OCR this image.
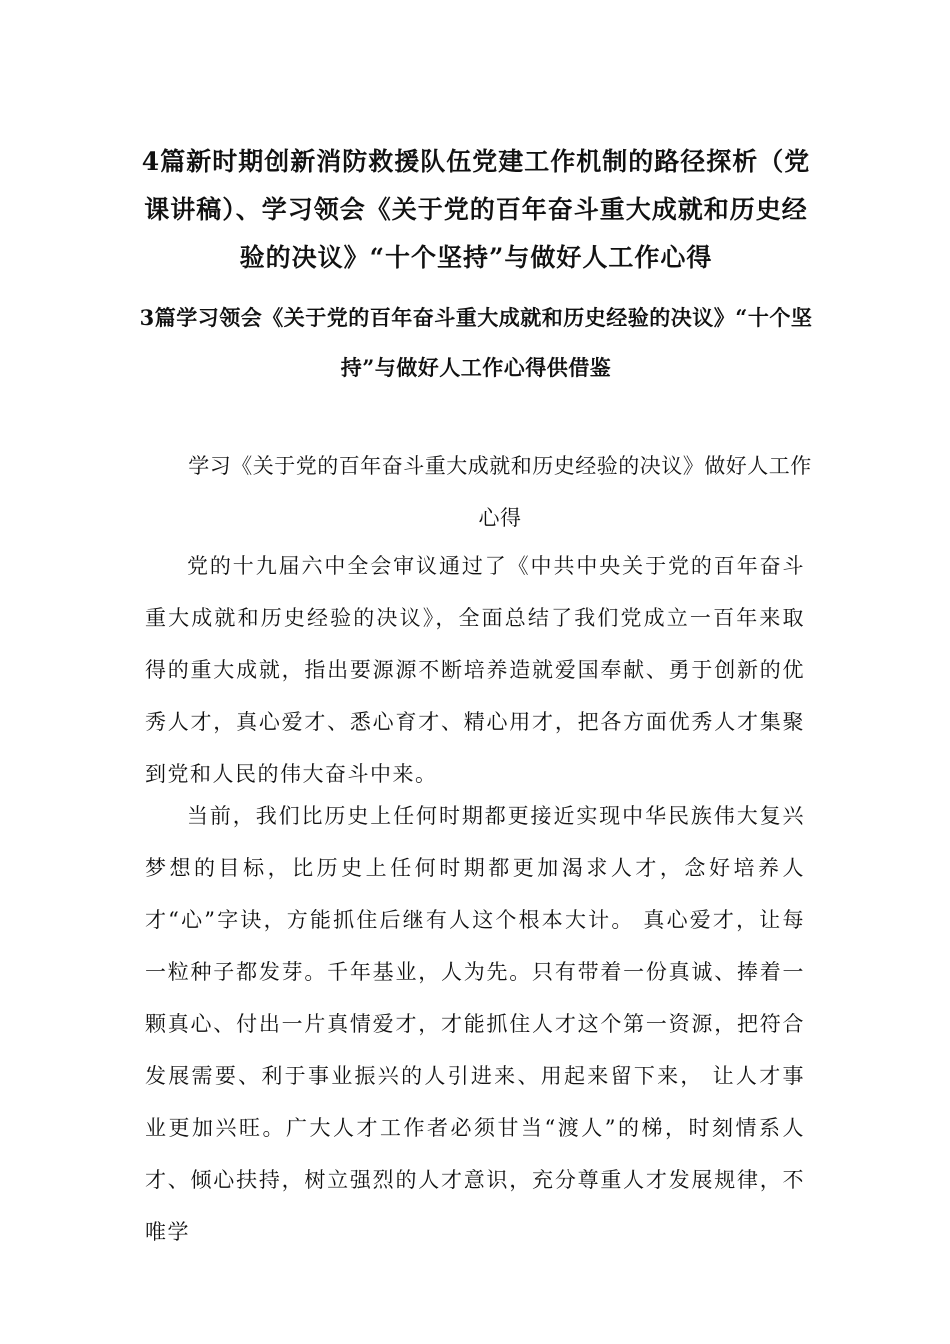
4篇新时期创新消防救援队伍党建工作机制的路径探析（党课讲稿）、学习领会《关于党的百年奋斗重大成就和历史经验的决议》“十个坚持”与做好人工作心得
3篇学习领会《关于党的百年奋斗重大成就和历史经验的决议》“十个坚持”与做好人工作心得供借鉴
学习《关于党的百年奋斗重大成就和历史经验的决议》做好人工作心得

党的十九届六中全会审议通过了《中共中央关于党的百年奋斗重大成就和历史经验的决议》，全面总结了我们党成立一百年来取得的重大成就，指出要源源不断培养造就爱国奉献、勇于创新的优秀人才，真心爱才、悉心育才、精心用才，把各方面优秀人才集聚到党和人民的伟大奋斗中来。

当前，我们比历史上任何时期都更接近实现中华民族伟大复兴梦想的目标，比历史上任何时期都更加渴求人才，念好培养人才“心”字诀，方能抓住后继有人这个根本大计。 真心爱才，让每一粒种子都发芽。千年基业，人为先。只有带着一份真诚、捧着一颗真心、付出一片真情爱才，才能抓住人才这个第一资源，把符合发展需要、利于事业振兴的人引进来、用起来留下来， 让人才事业更加兴旺。广大人才工作者必须甘当“渡人”的梯，时刻情系人才、倾心扶持，树立强烈的人才意识，充分尊重人才发展规律，不唯学
